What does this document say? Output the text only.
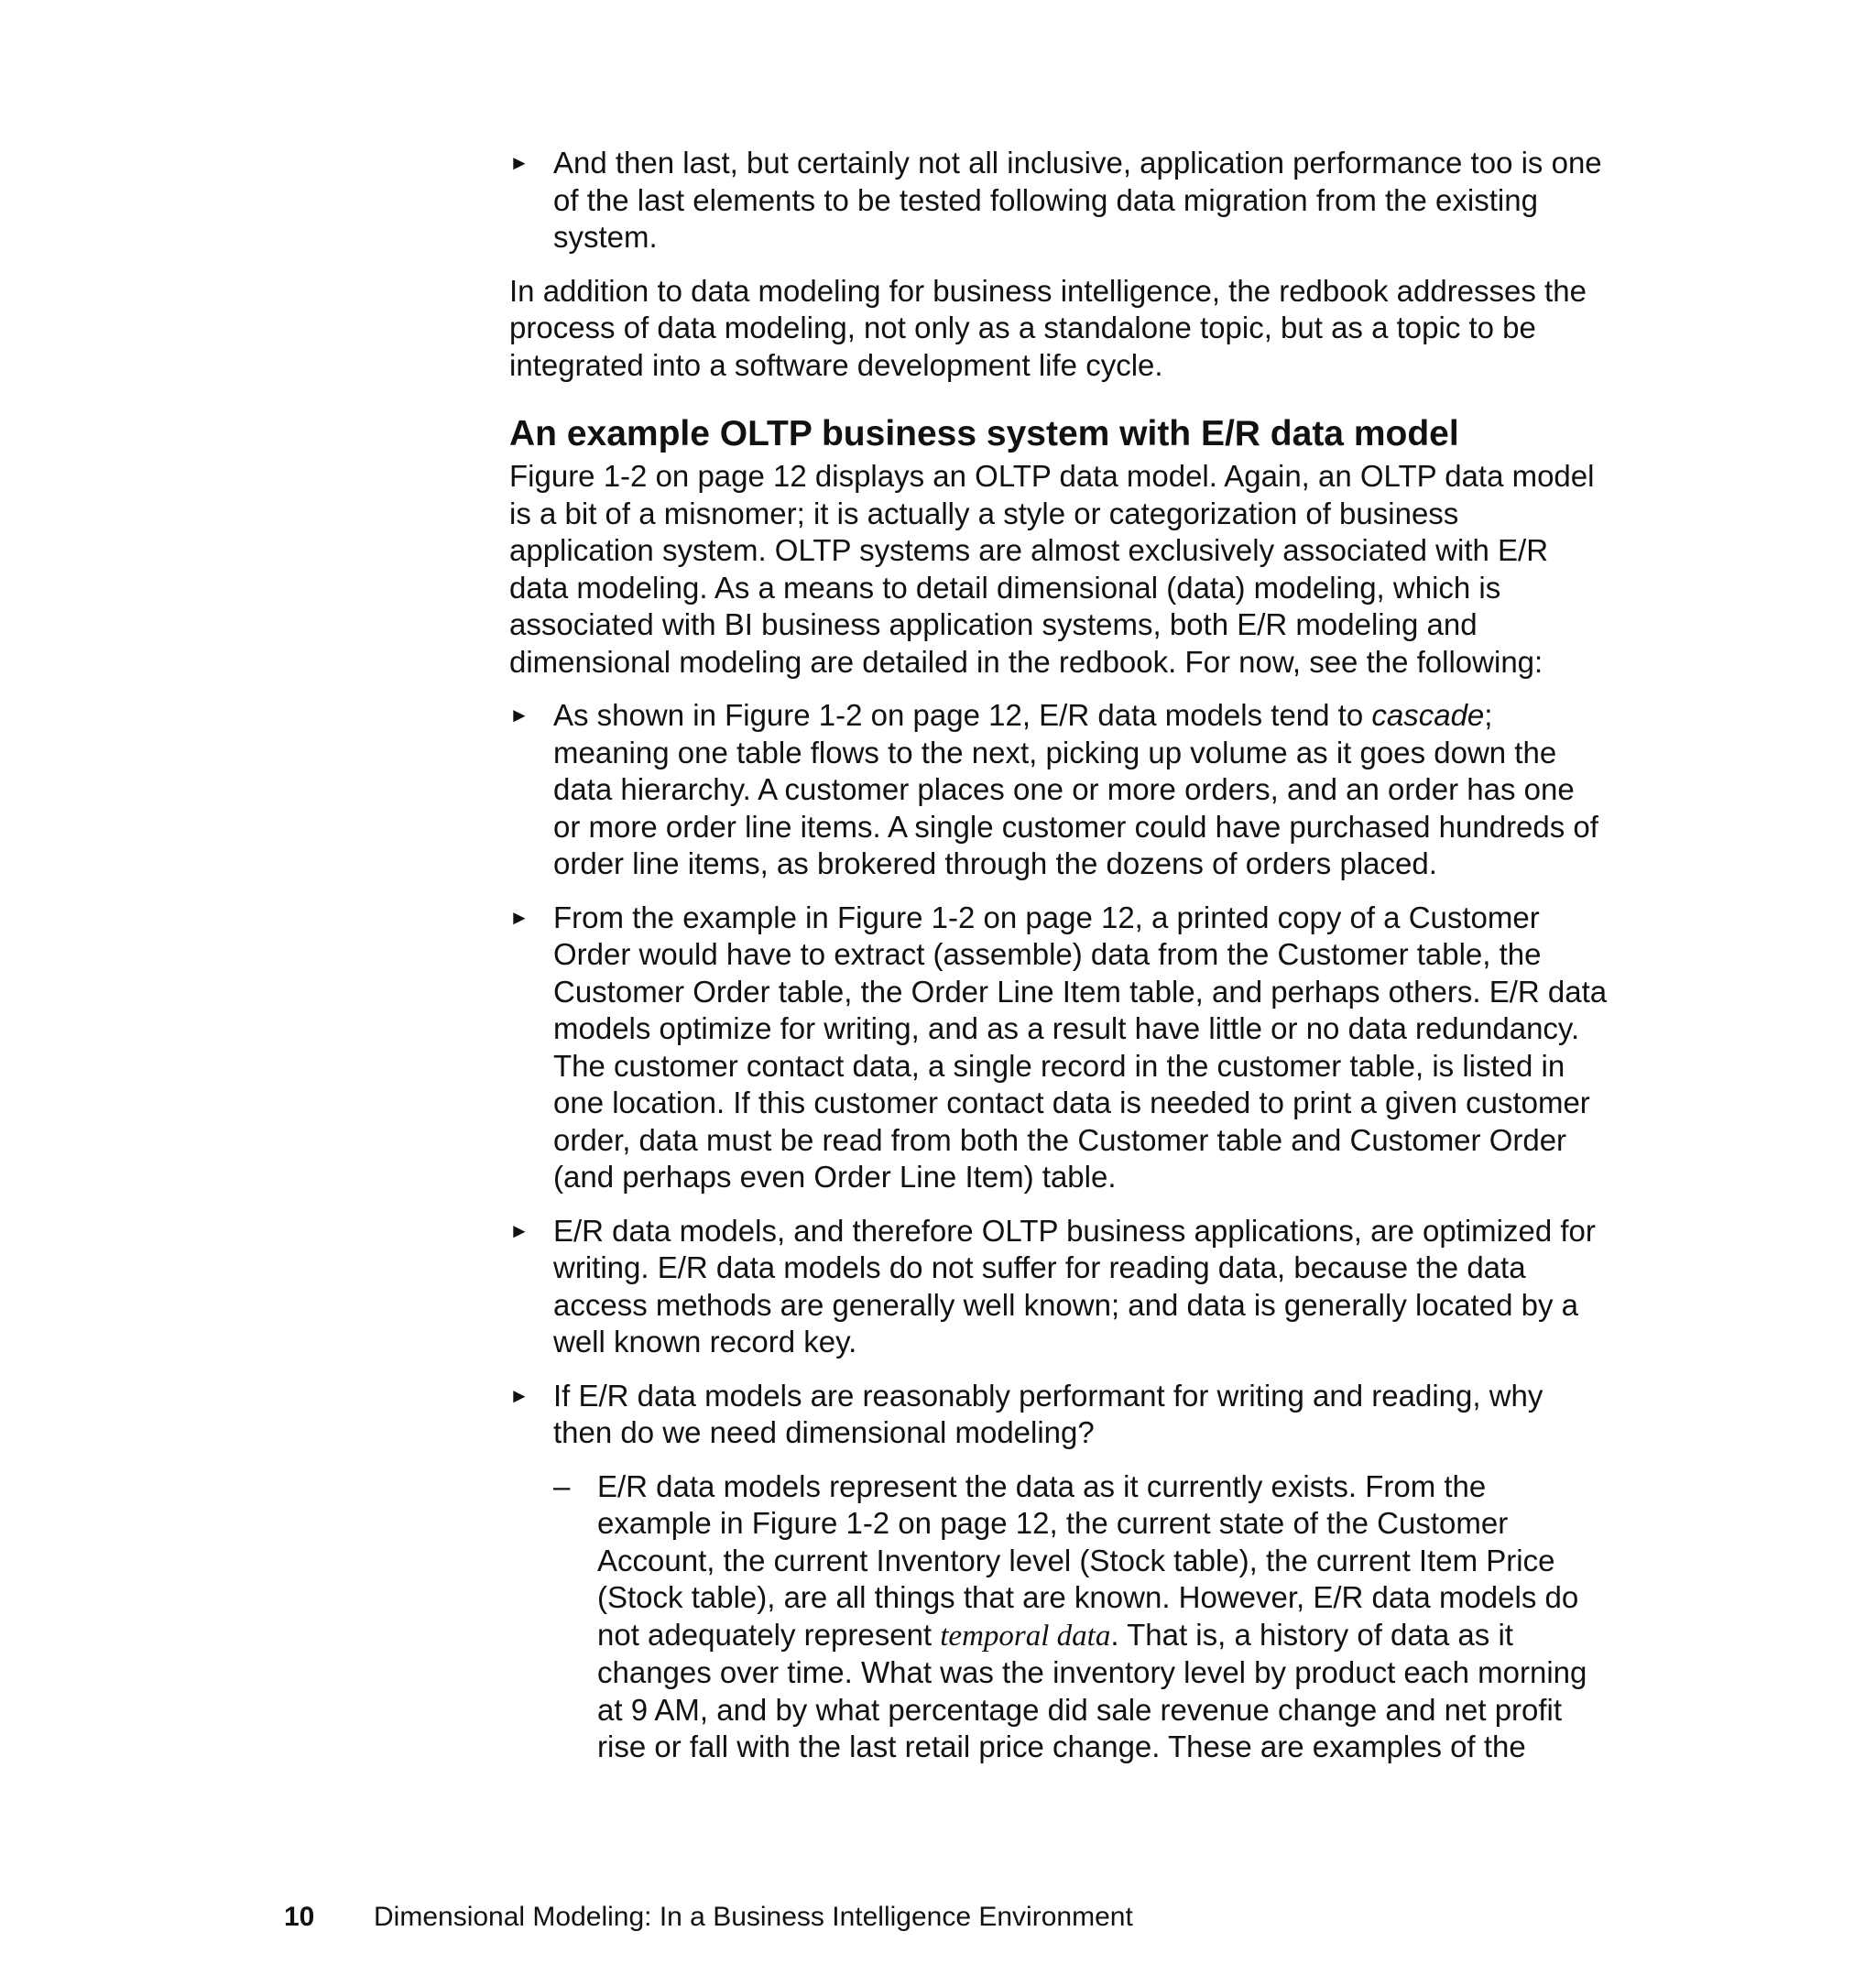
► And then last, but certainly not all inclusive, application performance too is one of the last elements to be tested following data migration from the existing system.

In addition to data modeling for business intelligence, the redbook addresses the process of data modeling, not only as a standalone topic, but as a topic to be integrated into a software development life cycle.

An example OLTP business system with E/R data model

Figure 1-2 on page 12 displays an OLTP data model. Again, an OLTP data model is a bit of a misnomer; it is actually a style or categorization of business application system. OLTP systems are almost exclusively associated with E/R data modeling. As a means to detail dimensional (data) modeling, which is associated with BI business application systems, both E/R modeling and dimensional modeling are detailed in the redbook. For now, see the following:

► As shown in Figure 1-2 on page 12, E/R data models tend to cascade; meaning one table flows to the next, picking up volume as it goes down the data hierarchy. A customer places one or more orders, and an order has one or more order line items. A single customer could have purchased hundreds of order line items, as brokered through the dozens of orders placed.
► From the example in Figure 1-2 on page 12, a printed copy of a Customer Order would have to extract (assemble) data from the Customer table, the Customer Order table, the Order Line Item table, and perhaps others. E/R data models optimize for writing, and as a result have little or no data redundancy. The customer contact data, a single record in the customer table, is listed in one location. If this customer contact data is needed to print a given customer order, data must be read from both the Customer table and Customer Order (and perhaps even Order Line Item) table.
► E/R data models, and therefore OLTP business applications, are optimized for writing. E/R data models do not suffer for reading data, because the data access methods are generally well known; and data is generally located by a well known record key.
► If E/R data models are reasonably performant for writing and reading, why then do we need dimensional modeling?
– E/R data models represent the data as it currently exists. From the example in Figure 1-2 on page 12, the current state of the Customer Account, the current Inventory level (Stock table), the current Item Price (Stock table), are all things that are known. However, E/R data models do not adequately represent temporal data. That is, a history of data as it changes over time. What was the inventory level by product each morning at 9 AM, and by what percentage did sale revenue change and net profit rise or fall with the last retail price change. These are examples of the
10 Dimensional Modeling: In a Business Intelligence Environment
